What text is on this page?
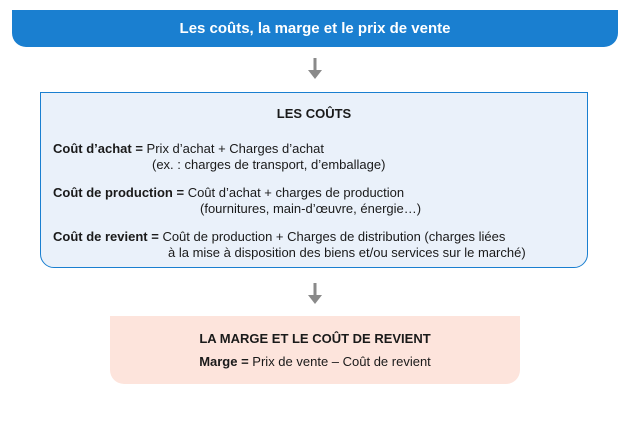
Les coûts, la marge et le prix de vente
LES COÛTS
Coût d’achat = Prix d’achat + Charges d’achat
(ex. : charges de transport, d’emballage)
Coût de production = Coût d’achat + charges de production
(fournitures, main-d’œuvre, énergie…)
Coût de revient = Coût de production + Charges de distribution (charges liées
à la mise à disposition des biens et/ou services sur le marché)
LA MARGE ET LE COÛT DE REVIENT
Marge = Prix de vente – Coût de revient
